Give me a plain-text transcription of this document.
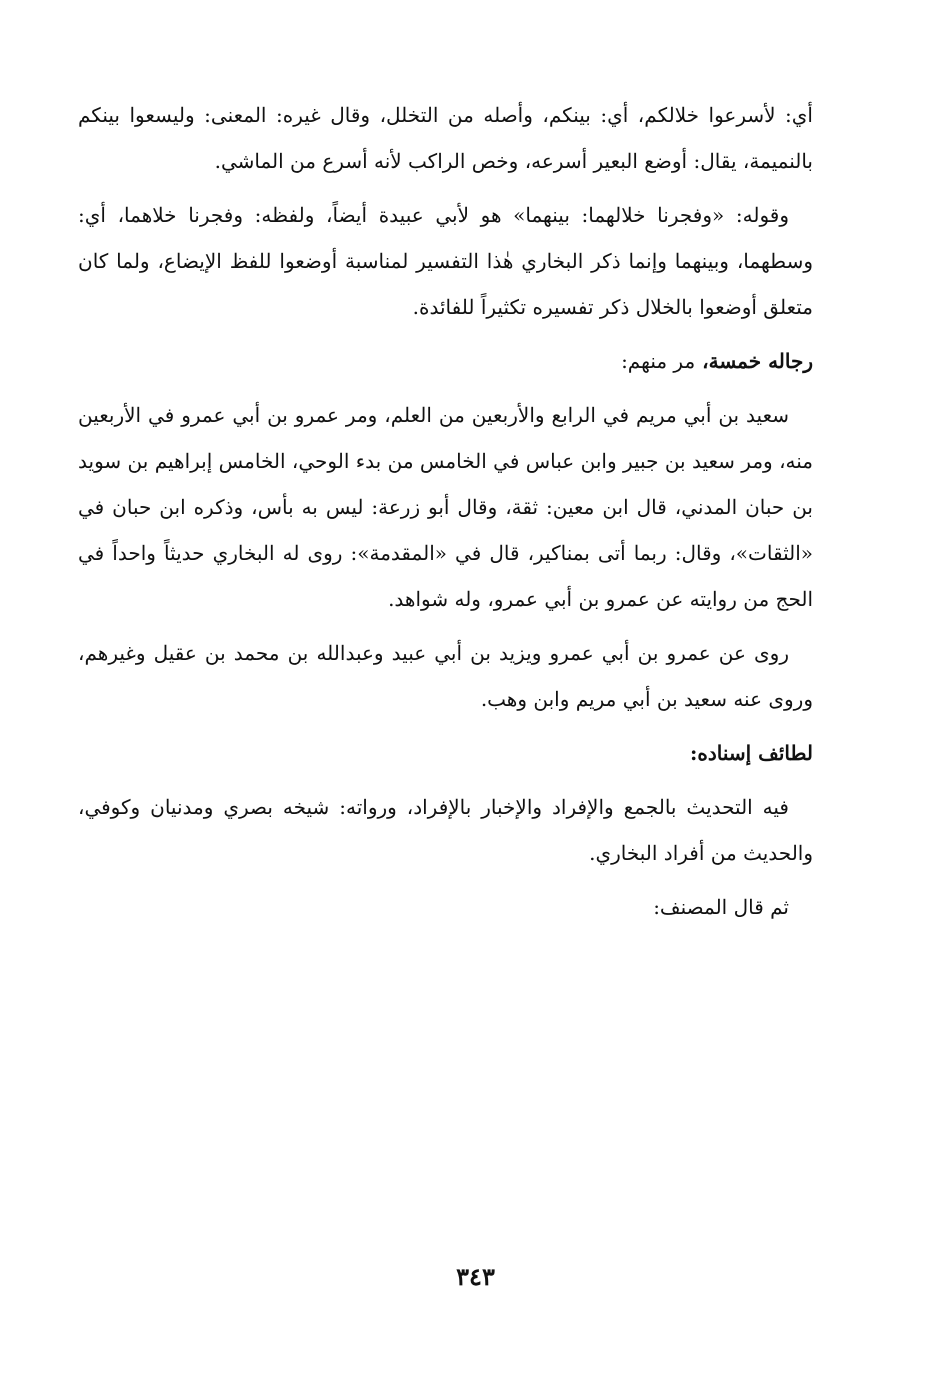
أي: لأسرعوا خلالكم، أي: بينكم، وأصله من التخلل، وقال غيره: المعنى: وليسعوا بينكم بالنميمة، يقال: أوضع البعير أسرعه، وخص الراكب لأنه أسرع من الماشي.

وقوله: «وفجرنا خلالهما: بينهما» هو لأبي عبيدة أيضاً، ولفظه: وفجرنا خلاهما، أي: وسطهما، وبينهما وإنما ذكر البخاري هٰذا التفسير لمناسبة أوضعوا للفظ الإيضاع، ولما كان متعلق أوضعوا بالخلال ذكر تفسيره تكثيراً للفائدة.

رجاله خمسة، مر منهم:

سعيد بن أبي مريم في الرابع والأربعين من العلم، ومر عمرو بن أبي عمرو في الأربعين منه، ومر سعيد بن جبير وابن عباس في الخامس من بدء الوحي، الخامس إبراهيم بن سويد بن حبان المدني، قال ابن معين: ثقة، وقال أبو زرعة: ليس به بأس، وذكره ابن حبان في «الثقات»، وقال: ربما أتى بمناكير، قال في «المقدمة»: روى له البخاري حديثاً واحداً في الحج من روايته عن عمرو بن أبي عمرو، وله شواهد.

روى عن عمرو بن أبي عمرو ويزيد بن أبي عبيد وعبدالله بن محمد بن عقيل وغيرهم، وروى عنه سعيد بن أبي مريم وابن وهب.

لطائف إسناده:

فيه التحديث بالجمع والإفراد والإخبار بالإفراد، ورواته: شيخه بصري ومدنيان وكوفي، والحديث من أفراد البخاري.

ثم قال المصنف:

٣٤٣
